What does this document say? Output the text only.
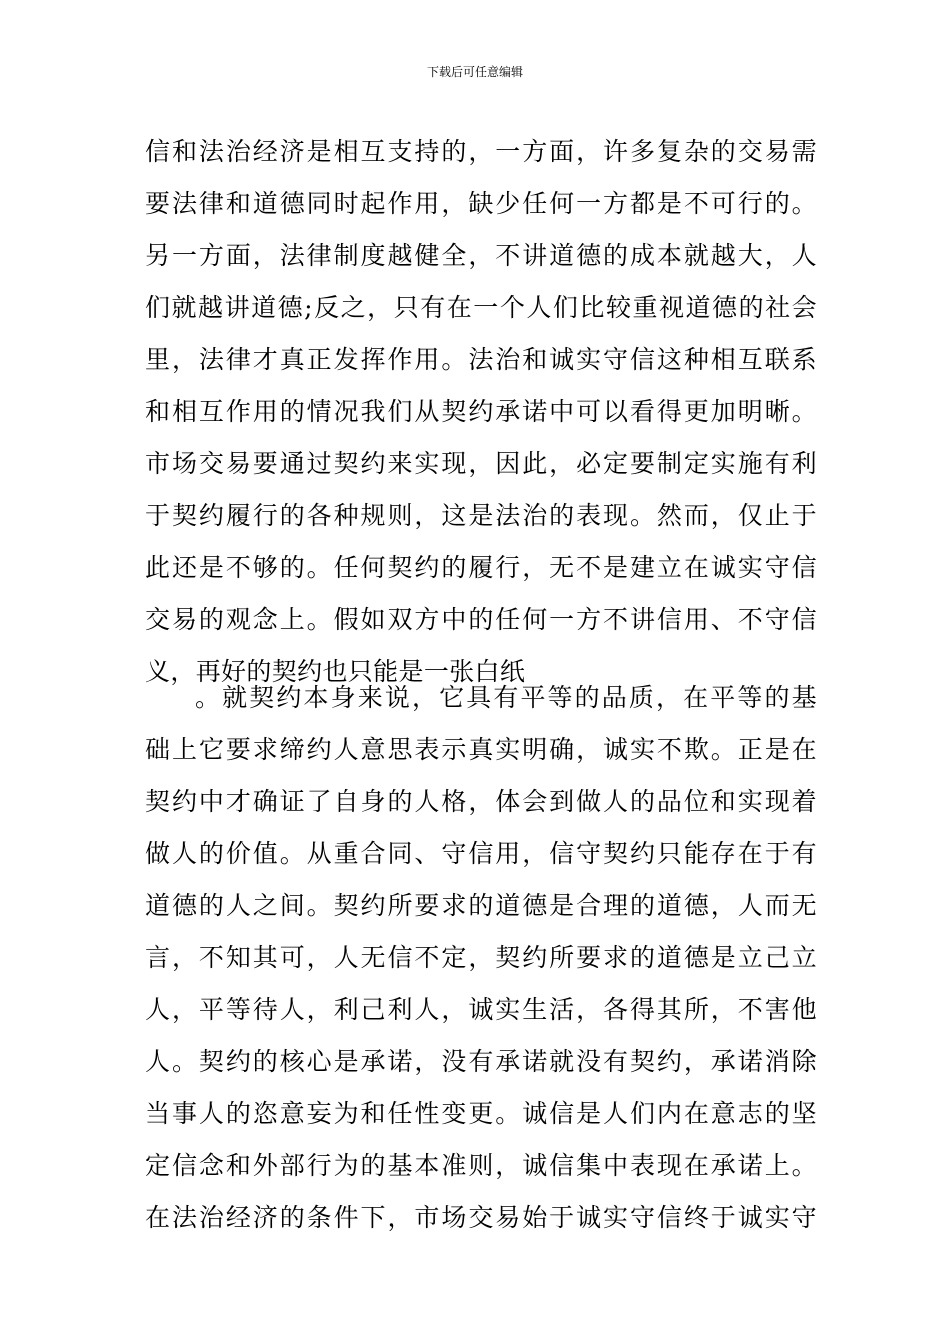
下载后可任意编辑
信和法治经济是相互支持的，一方面，许多复杂的交易需
要法律和道德同时起作用，缺少任何一方都是不可行的。
另一方面，法律制度越健全，不讲道德的成本就越大，人
们就越讲道德;反之，只有在一个人们比较重视道德的社会
里，法律才真正发挥作用。法治和诚实守信这种相互联系
和相互作用的情况我们从契约承诺中可以看得更加明晰。
市场交易要通过契约来实现，因此，必定要制定实施有利
于契约履行的各种规则，这是法治的表现。然而，仅止于
此还是不够的。任何契约的履行，无不是建立在诚实守信
交易的观念上。假如双方中的任何一方不讲信用、不守信
义，再好的契约也只能是一张白纸
。就契约本身来说，它具有平等的品质，在平等的基
础上它要求缔约人意思表示真实明确，诚实不欺。正是在
契约中才确证了自身的人格，体会到做人的品位和实现着
做人的价值。从重合同、守信用，信守契约只能存在于有
道德的人之间。契约所要求的道德是合理的道德，人而无
言，不知其可，人无信不定，契约所要求的道德是立己立
人，平等待人，利己利人，诚实生活，各得其所，不害他
人。契约的核心是承诺，没有承诺就没有契约，承诺消除
当事人的恣意妄为和任性变更。诚信是人们内在意志的坚
定信念和外部行为的基本准则，诚信集中表现在承诺上。
在法治经济的条件下，市场交易始于诚实守信终于诚实守
